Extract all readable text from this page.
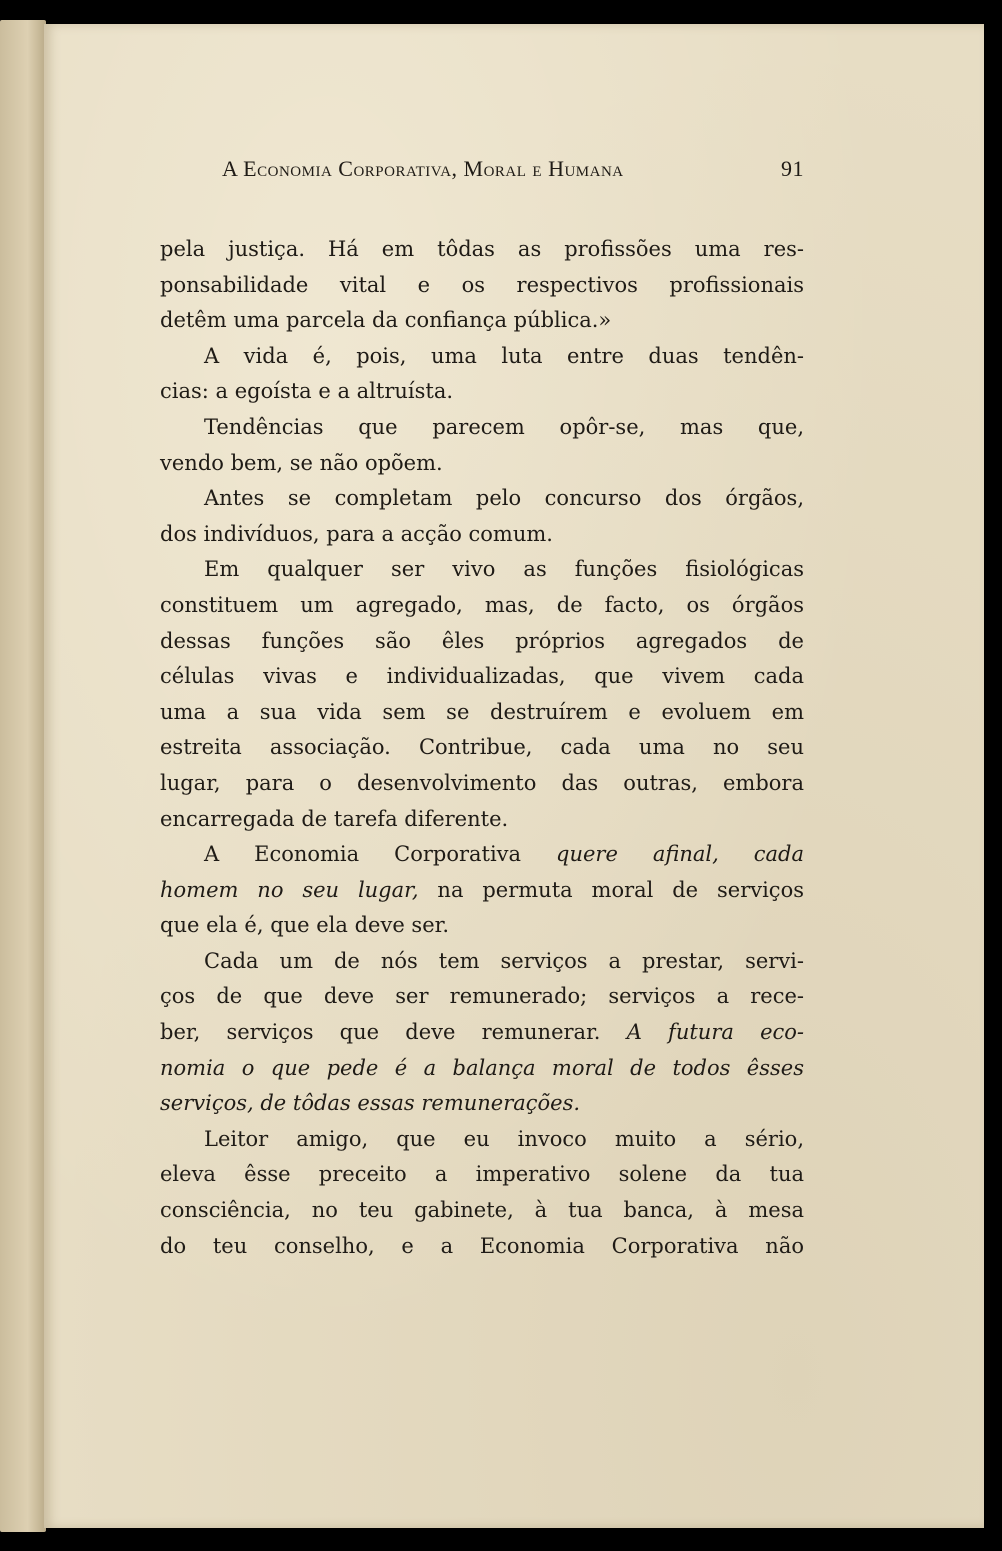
A Economia Corporativa, Moral e Humana	91
pela justiça. Há em tôdas as profissões uma res-
ponsabilidade vital e os respectivos profissionais
detêm uma parcela da confiança pública.»
A vida é, pois, uma luta entre duas tendên-
cias: a egoísta e a altruísta.
Tendências que parecem opôr-se, mas que,
vendo bem, se não opõem.
Antes se completam pelo concurso dos órgãos,
dos indivíduos, para a acção comum.
Em qualquer ser vivo as funções fisiológicas
constituem um agregado, mas, de facto, os órgãos
dessas funções são êles próprios agregados de
células vivas e individualizadas, que vivem cada
uma a sua vida sem se destruírem e evoluem em
estreita associação. Contribue, cada uma no seu
lugar, para o desenvolvimento das outras, embora
encarregada de tarefa diferente.
A Economia Corporativa quere afinal, cada
homem no seu lugar, na permuta moral de serviços
que ela é, que ela deve ser.
Cada um de nós tem serviços a prestar, servi-
ços de que deve ser remunerado; serviços a rece-
ber, serviços que deve remunerar. A futura eco-
nomia o que pede é a balança moral de todos êsses
serviços, de tôdas essas remunerações.
Leitor amigo, que eu invoco muito a sério,
eleva êsse preceito a imperativo solene da tua
consciência, no teu gabinete, à tua banca, à mesa
do teu conselho, e a Economia Corporativa não
